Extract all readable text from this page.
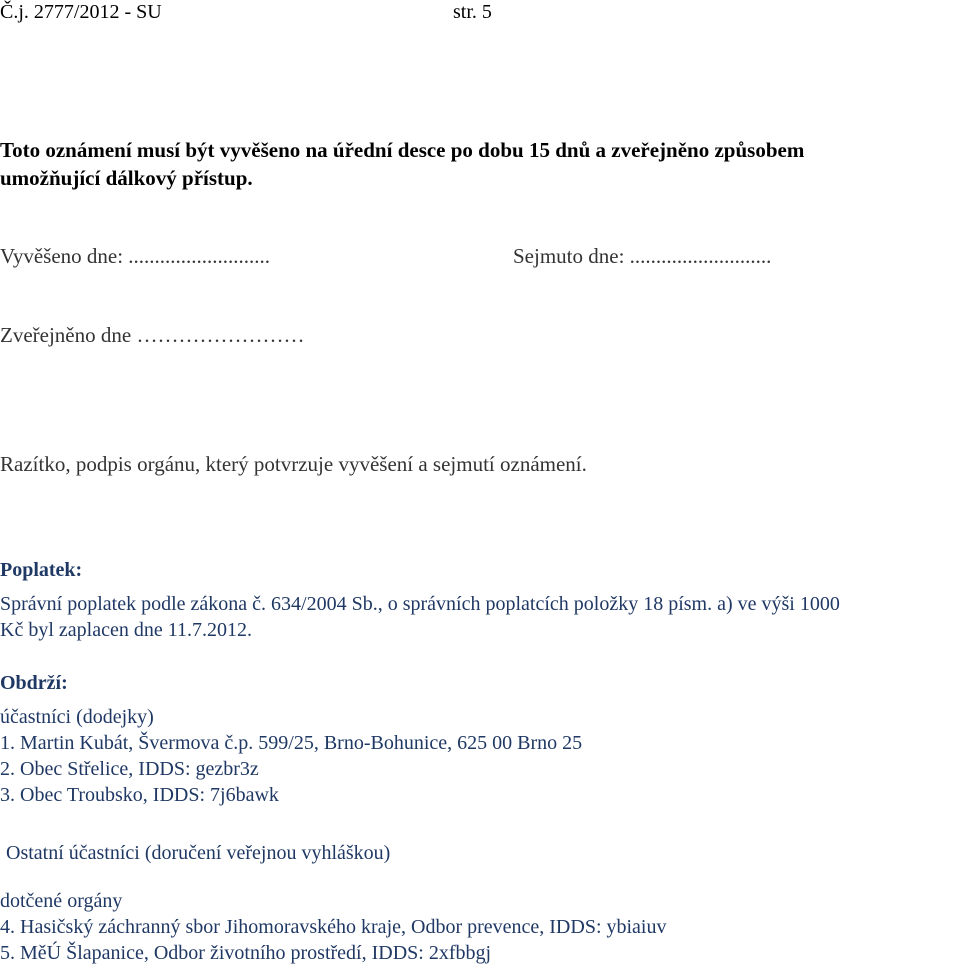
Č.j. 2777/2012 - SU	str. 5
Toto oznámení musí být vyvěšeno na úřední desce po dobu 15 dnů a zveřejněno způsobem
umožňující dálkový přístup.
Vyvěšeno dne: ...........................	Sejmuto dne: ...........................
Zveřejněno dne ……………………
Razítko, podpis orgánu, který potvrzuje vyvěšení a sejmutí oznámení.
Poplatek:
Správní poplatek podle zákona č. 634/2004 Sb., o správních poplatcích položky 18 písm. a) ve výši 1000
Kč byl zaplacen dne 11.7.2012.
Obdrží:
účastníci (dodejky)
1. Martin Kubát, Švermova č.p. 599/25, Brno-Bohunice, 625 00 Brno 25
2. Obec Střelice, IDDS: gezbr3z
3. Obec Troubsko, IDDS: 7j6bawk
Ostatní účastníci (doručení veřejnou vyhláškou)
dotčené orgány
4. Hasičský záchranný sbor Jihomoravského kraje, Odbor prevence, IDDS: ybiaiuv
5. MěÚ Šlapanice, Odbor životního prostředí, IDDS: 2xfbbgj
